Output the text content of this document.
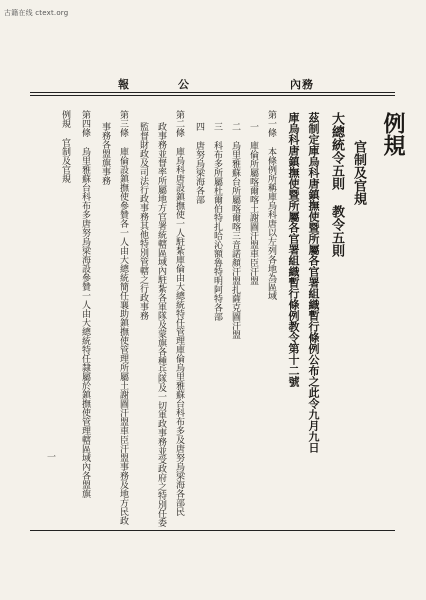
古籍在线 ctext.org
報	公	內務
例規
官制及官規
大總統令五則 教令五則
茲制定庫烏科唐鎮撫使暨所屬各官署組織暫行條例公布之此令九月九日
庫烏科唐鎮撫使暨所屬各官署組織暫行條例教令第十二號
第一條 本條例所稱庫烏科唐以左列各地為區域
一 庫倫所屬喀爾喀土謝圖汗盟車臣汗盟
二 烏里雅蘇台所屬喀爾喀三音諾顏汗盟扎薩克圖汗盟
三 科布多所屬杜爾伯特扎哈沁額魯特明阿特各部
四 唐努烏梁海各部
第二條 庫烏科唐設鎮撫使一人駐紮庫倫由大總統特任管理庫倫烏里雅蘇台科布多及唐努烏梁海各部民
政事務並督率所屬地方官署統轄區域內駐紮各軍隊及蒙旗各種兵隊及一切軍政事務並受政府之特別任委
監督財政及司法行政事務其他特別管轄之行政事務
第三條 庫倫設鎮撫使參贊各一人由大總統簡任襄助鎮撫使管理所屬土謝圖汗盟車臣汗盟事務及地方民政
事務各盟旗事務
第四條 烏里雅蘇台科布多唐努烏梁海設參贊一人由大總統特任隸屬於鎮撫使管理轄區域內各盟旗
例規 官制及官規
一
